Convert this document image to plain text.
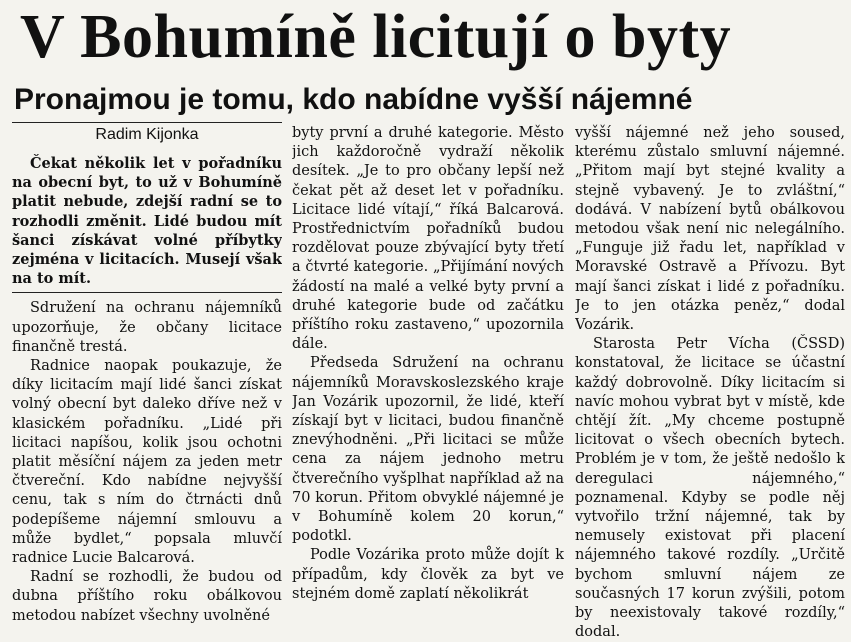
V Bohumíně licitují o byty
Pronajmou je tomu, kdo nabídne vyšší nájemné
Radim Kijonka

Čekat několik let v pořadníku na obecní byt, to už v Bohumíně platit nebude, zdejší radní se to rozhodli změnit. Lidé budou mít šanci získávat volné příbytky zejména v licitacích. Musejí však na to mít.

Sdružení na ochranu nájemníků upozorňuje, že občany licitace finančně trestá.

Radnice naopak poukazuje, že díky licitacím mají lidé šanci získat volný obecní byt daleko dříve než v klasickém pořadníku. „Lidé při licitaci napíšou, kolik jsou ochotni platit měsíční nájem za jeden metr čtvereční. Kdo nabídne nejvyšší cenu, tak s ním do čtrnácti dnů podepíšeme nájemní smlouvu a může bydlet,“ popsala mluvčí radnice Lucie Balcarová.

Radní se rozhodli, že budou od dubna příštího roku obálkovou metodou nabízet všechny uvolněné

byty první a druhé kategorie. Město jich každoročně vydraží několik desítek. „Je to pro občany lepší než čekat pět až deset let v pořadníku. Licitace lidé vítají,“ říká Balcarová. Prostřednictvím pořadníků budou rozdělovat pouze zbývající byty třetí a čtvrté kategorie. „Přijímání nových žádostí na malé a velké byty první a druhé kategorie bude od začátku příštího roku zastaveno,“ upozornila dále.

Předseda Sdružení na ochranu nájemníků Moravskoslezského kraje Jan Vozárik upozornil, že lidé, kteří získají byt v licitaci, budou finančně znevýhodněni. „Při licitaci se může cena za nájem jednoho metru čtverečního vyšplhat například až na 70 korun. Přitom obvyklé nájemné je v Bohumíně kolem 20 korun,“ podotkl.

Podle Vozárika proto může dojít k případům, kdy člověk za byt ve stejném domě zaplatí několikrát

vyšší nájemné než jeho soused, kterému zůstalo smluvní nájemné. „Přitom mají byt stejné kvality a stejně vybavený. Je to zvláštní,“ dodává. V nabízení bytů obálkovou metodou však není nic nelegálního. „Funguje již řadu let, například v Moravské Ostravě a Přívozu. Byt mají šanci získat i lidé z pořadníku. Je to jen otázka peněz,“ dodal Vozárik.

Starosta Petr Vícha (ČSSD) konstatoval, že licitace se účastní každý dobrovolně. Díky licitacím si navíc mohou vybrat byt v místě, kde chtějí žít. „My chceme postupně licitovat o všech obecních bytech. Problém je v tom, že ještě nedošlo k deregulaci nájemného,“ poznamenal. Kdyby se podle něj vytvořilo tržní nájemné, tak by nemusely existovat při placení nájemného takové rozdíly. „Určitě bychom smluvní nájem ze současných 17 korun zvýšili, potom by neexistovaly takové rozdíly,“ dodal.
